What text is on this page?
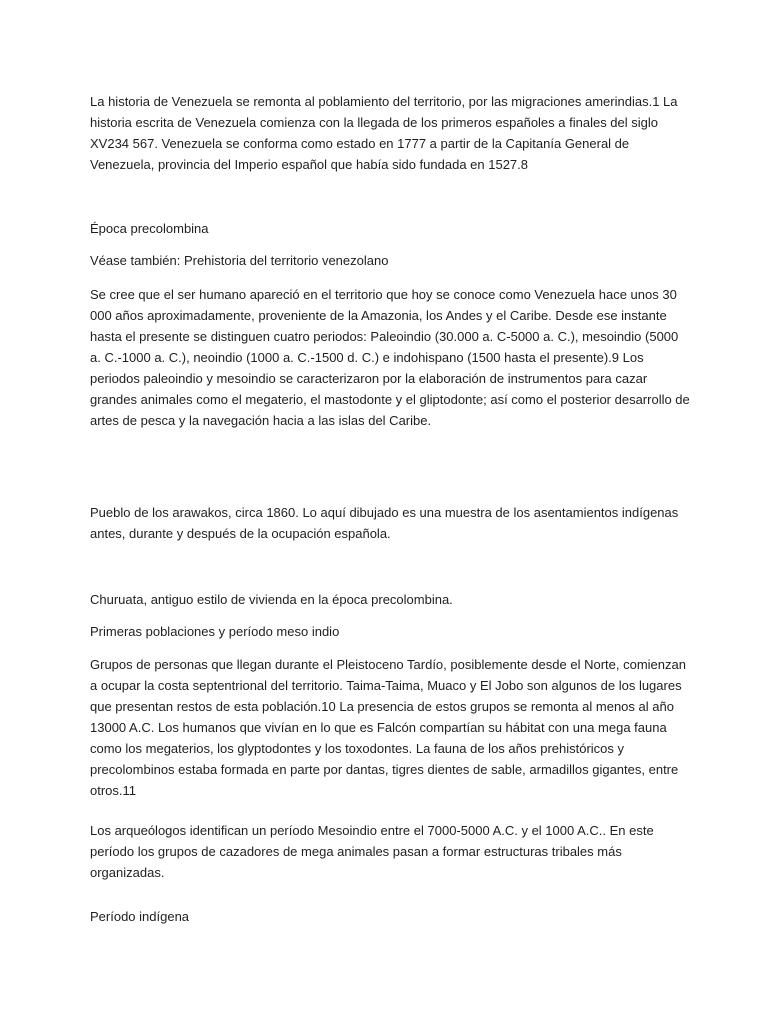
La historia de Venezuela se remonta al poblamiento del territorio, por las migraciones amerindias.1 La historia escrita de Venezuela comienza con la llegada de los primeros españoles a finales del siglo XV234 567. Venezuela se conforma como estado en 1777 a partir de la Capitanía General de Venezuela, provincia del Imperio español que había sido fundada en 1527.8

Época precolombina

Véase también: Prehistoria del territorio venezolano

Se cree que el ser humano apareció en el territorio que hoy se conoce como Venezuela hace unos 30 000 años aproximadamente, proveniente de la Amazonia, los Andes y el Caribe. Desde ese instante hasta el presente se distinguen cuatro periodos: Paleoindio (30.000 a. C-5000 a. C.), mesoindio (5000 a. C.-1000 a. C.), neoindio (1000 a. C.-1500 d. C.) e indohispano (1500 hasta el presente).9 Los periodos paleoindio y mesoindio se caracterizaron por la elaboración de instrumentos para cazar grandes animales como el megaterio, el mastodonte y el gliptodonte; así como el posterior desarrollo de artes de pesca y la navegación hacia a las islas del Caribe.

Pueblo de los arawakos, circa 1860. Lo aquí dibujado es una muestra de los asentamientos indígenas antes, durante y después de la ocupación española.

Churuata, antiguo estilo de vivienda en la época precolombina.

Primeras poblaciones y período meso indio

Grupos de personas que llegan durante el Pleistoceno Tardío, posiblemente desde el Norte, comienzan a ocupar la costa septentrional del territorio. Taima-Taima, Muaco y El Jobo son algunos de los lugares que presentan restos de esta población.10 La presencia de estos grupos se remonta al menos al año 13000 A.C. Los humanos que vivían en lo que es Falcón compartían su hábitat con una mega fauna como los megaterios, los glyptodontes y los toxodontes. La fauna de los años prehistóricos y precolombinos estaba formada en parte por dantas, tigres dientes de sable, armadillos gigantes, entre otros.11

Los arqueólogos identifican un período Mesoindio entre el 7000-5000 A.C. y el 1000 A.C.. En este período los grupos de cazadores de mega animales pasan a formar estructuras tribales más organizadas.

Período indígena
